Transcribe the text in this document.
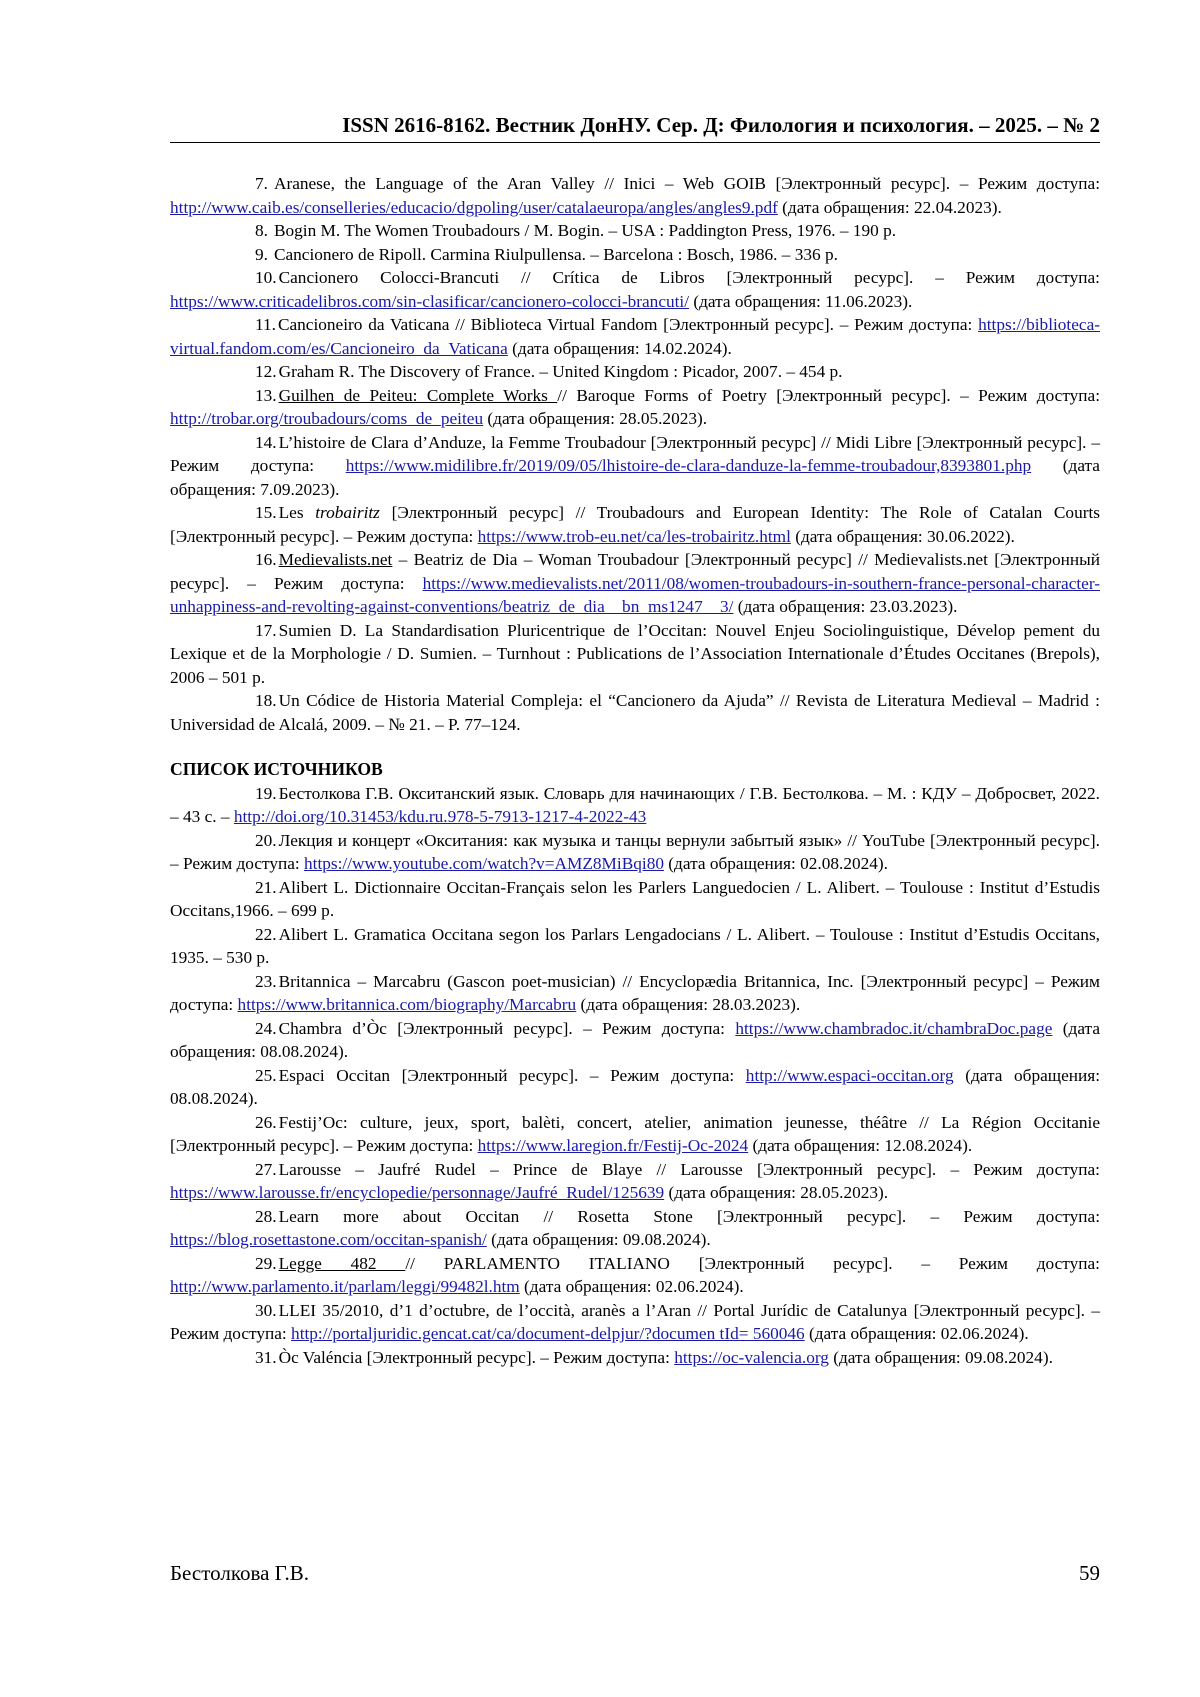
ISSN 2616-8162. Вестник ДонНУ. Сер. Д: Филология и психология. – 2025. – № 2

7. Aranese, the Language of the Aran Valley // Inici – Web GOIB [Электронный ресурс]. – Режим доступа: http://www.caib.es/conselleries/educacio/dgpoling/user/catalaeuropa/angles/angles9.pdf (дата обращения: 22.04.2023).

8. Bogin M. The Women Troubadours / M. Bogin. – USA : Paddington Press, 1976. – 190 p.

9. Cancionero de Ripoll. Carmina Riulpullensa. – Barcelona : Bosch, 1986. – 336 p.

10. Cancionero Colocci-Brancuti // Crítica de Libros [Электронный ресурс]. – Режим доступа: https://www.criticadelibros.com/sin-clasificar/cancionero-colocci-brancuti/ (дата обращения: 11.06.2023).

11. Cancioneiro da Vaticana // Biblioteca Virtual Fandom [Электронный ресурс]. – Режим доступа: https://biblioteca-virtual.fandom.com/es/Cancioneiro_da_Vaticana (дата обращения: 14.02.2024).

12. Graham R. The Discovery of France. – United Kingdom : Picador, 2007. – 454 p.

13. Guilhen de Peiteu: Complete Works // Baroque Forms of Poetry [Электронный ресурс]. – Режим доступа: http://trobar.org/troubadours/coms_de_peiteu (дата обращения: 28.05.2023).

14. L’histoire de Clara d’Anduze, la Femme Troubadour [Электронный ресурс] // Midi Libre [Электронный ресурс]. – Режим доступа: https://www.midilibre.fr/2019/09/05/lhistoire-de-clara-danduze-la-femme-troubadour,8393801.php (дата обращения: 7.09.2023).

15. Les trobairitz [Электронный ресурс] // Troubadours and European Identity: The Role of Catalan Courts [Электронный ресурс]. – Режим доступа: https://www.trob-eu.net/ca/les-trobairitz.html (дата обращения: 30.06.2022).

16. Medievalists.net – Beatriz de Dia – Woman Troubadour [Электронный ресурс] // Medievalists.net [Электронный ресурс]. – Режим доступа: https://www.medievalists.net/2011/08/women-troubadours-in-southern-france-personal-character-unhappiness-and-revolting-against-conventions/beatriz_de_dia__bn_ms1247__3/ (дата обращения: 23.03.2023).

17. Sumien D. La Standardisation Pluricentrique de l’Occitan: Nouvel Enjeu Sociolinguistique, Dévelop pement du Lexique et de la Morphologie / D. Sumien. – Turnhout : Publications de l’Association Internationale d’Études Occitanes (Brepols), 2006 – 501 p.

18. Un Códice de Historia Material Compleja: el “Cancionero da Ajuda” // Revista de Literatura Medieval – Madrid : Universidad de Alcalá, 2009. – № 21. – P. 77–124.

СПИСОК ИСТОЧНИКОВ

19. Бестолкова Г.В. Окситанский язык. Словарь для начинающих / Г.В. Бестолкова. – М. : КДУ – Добросвет, 2022. – 43 с. – http://doi.org/10.31453/kdu.ru.978-5-7913-1217-4-2022-43

20. Лекция и концерт «Окситания: как музыка и танцы вернули забытый язык» // YouTube [Электронный ресурс]. – Режим доступа: https://www.youtube.com/watch?v=AMZ8MiBqi80 (дата обращения: 02.08.2024).

21. Alibert L. Dictionnaire Occitan-Français selon les Parlers Languedocien / L. Alibert. – Toulouse : Institut d’Estudis Occitans,1966. – 699 p.

22. Alibert L. Gramatica Occitana segon los Parlars Lengadocians / L. Alibert. – Toulouse : Institut d’Estudis Occitans, 1935. – 530 p.

23. Britannica – Marcabru (Gascon poet-musician) // Encyclopædia Britannica, Inc. [Электронный ресурс] – Режим доступа: https://www.britannica.com/biography/Marcabru (дата обращения: 28.03.2023).

24. Chambra d’Òc [Электронный ресурс]. – Режим доступа: https://www.chambradoc.it/chambraDoc.page (дата обращения: 08.08.2024).

25. Espaci Occitan [Электронный ресурс]. – Режим доступа: http://www.espaci-occitan.org (дата обращения: 08.08.2024).

26. Festij’Oc: culture, jeux, sport, balèti, concert, atelier, animation jeunesse, théâtre // La Région Occitanie [Электронный ресурс]. – Режим доступа: https://www.laregion.fr/Festij-Oc-2024 (дата обращения: 12.08.2024).

27. Larousse – Jaufré Rudel – Prince de Blaye // Larousse [Электронный ресурс]. – Режим доступа: https://www.larousse.fr/encyclopedie/personnage/Jaufré_Rudel/125639 (дата обращения: 28.05.2023).

28. Learn more about Occitan // Rosetta Stone [Электронный ресурс]. – Режим доступа: https://blog.rosettastone.com/occitan-spanish/ (дата обращения: 09.08.2024).

29. Legge 482 // PARLAMENTO ITALIANO [Электронный ресурс]. – Режим доступа: http://www.parlamento.it/parlam/leggi/99482l.htm (дата обращения: 02.06.2024).

30. LLEI 35/2010, d’1 d’octubre, de l’occità, aranès a l’Aran // Portal Jurídic de Catalunya [Электронный ресурс]. – Режим доступа: http://portaljuridic.gencat.cat/ca/document-delpjur/?documen tId= 560046 (дата обращения: 02.06.2024).

31. Òc Valéncia [Электронный ресурс]. – Режим доступа: https://oc-valencia.org (дата обращения: 09.08.2024).

Бестолкова Г.В.	59
